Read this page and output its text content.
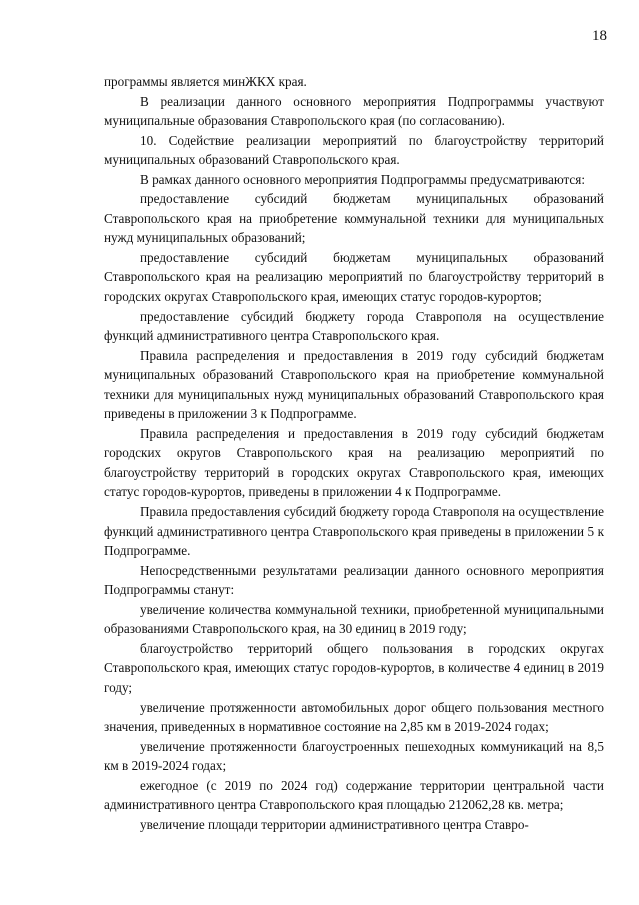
18

программы является минЖКХ края.

В реализации данного основного мероприятия Подпрограммы участвуют муниципальные образования Ставропольского края (по согласованию).

10. Содействие реализации мероприятий по благоустройству территорий муниципальных образований Ставропольского края.

В рамках данного основного мероприятия Подпрограммы предусматриваются:

предоставление субсидий бюджетам муниципальных образований Ставропольского края на приобретение коммунальной техники для муниципальных нужд муниципальных образований;

предоставление субсидий бюджетам муниципальных образований Ставропольского края на реализацию мероприятий по благоустройству территорий в городских округах Ставропольского края, имеющих статус городов-курортов;

предоставление субсидий бюджету города Ставрополя на осуществление функций административного центра Ставропольского края.

Правила распределения и предоставления в 2019 году субсидий бюджетам муниципальных образований Ставропольского края на приобретение коммунальной техники для муниципальных нужд муниципальных образований Ставропольского края приведены в приложении 3 к Подпрограмме.

Правила распределения и предоставления в 2019 году субсидий бюджетам городских округов Ставропольского края на реализацию мероприятий по благоустройству территорий в городских округах Ставропольского края, имеющих статус городов-курортов, приведены в приложении 4 к Подпрограмме.

Правила предоставления субсидий бюджету города Ставрополя на осуществление функций административного центра Ставропольского края приведены в приложении 5 к Подпрограмме.

Непосредственными результатами реализации данного основного мероприятия Подпрограммы станут:

увеличение количества коммунальной техники, приобретенной муниципальными образованиями Ставропольского края, на 30 единиц в 2019 году;

благоустройство территорий общего пользования в городских округах Ставропольского края, имеющих статус городов-курортов, в количестве 4 единиц в 2019 году;

увеличение протяженности автомобильных дорог общего пользования местного значения, приведенных в нормативное состояние на 2,85 км в 2019-2024 годах;

увеличение протяженности благоустроенных пешеходных коммуникаций на 8,5 км в 2019-2024 годах;

ежегодное (с 2019 по 2024 год) содержание территории центральной части административного центра Ставропольского края площадью 212062,28 кв. метра;

увеличение площади территории административного центра Ставро-
